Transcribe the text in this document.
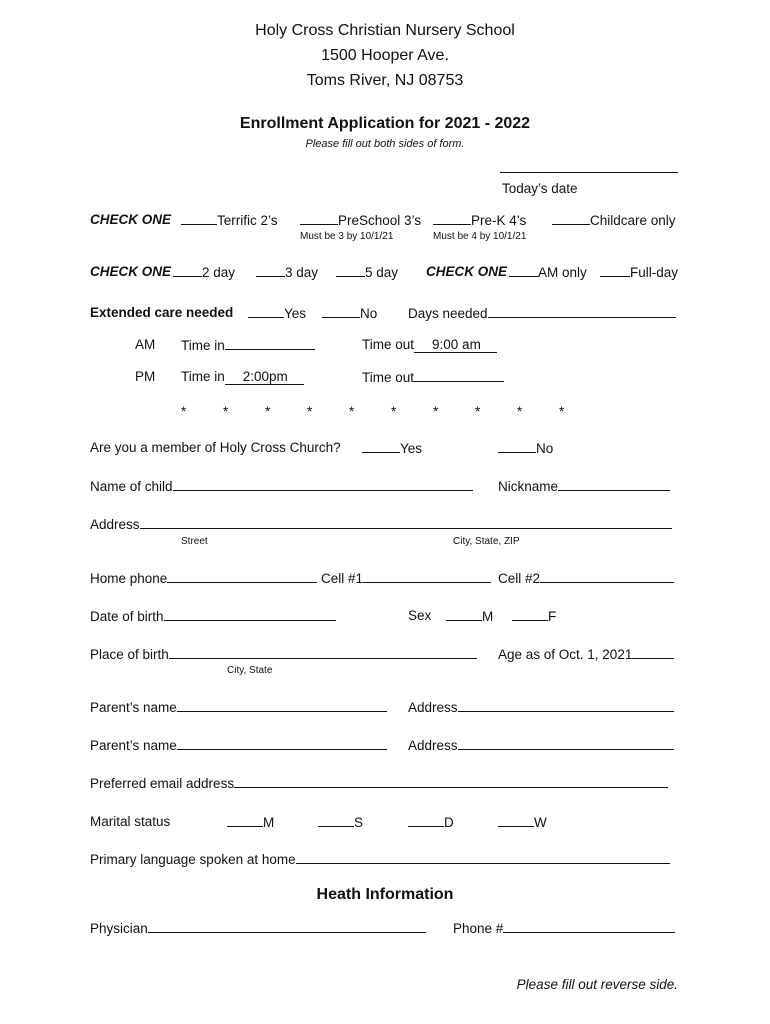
Holy Cross Christian Nursery School
1500 Hooper Ave.
Toms River, NJ 08753
Enrollment Application for 2021 - 2022
Please fill out both sides of form.
Today’s date
CHECK ONE	Terrific 2’s	PreSchool 3’s	Pre-K 4’s	Childcare only
Must be 3 by 10/1/21	Must be 4 by 10/1/21
CHECK ONE	2 day	3 day	5 day CHECK ONE	AM only	Full-day
Extended care needed	Yes	No Days needed
AM Time in	Time out 9:00 am
PM Time in 2:00pm	Time out
* * * * * * * * * *
Are you a member of Holy Cross Church?	Yes	No
Name of child	Nickname
Address
Street	City, State, ZIP
Home phone	Cell #1	Cell #2
Date of birth	Sex	M	F
Place of birth	Age as of Oct. 1, 2021
City, State
Parent’s name	Address
Parent’s name	Address
Preferred email address
Marital status	M	S	D	W
Primary language spoken at home
Heath Information
Physician	Phone #
Please fill out reverse side.
